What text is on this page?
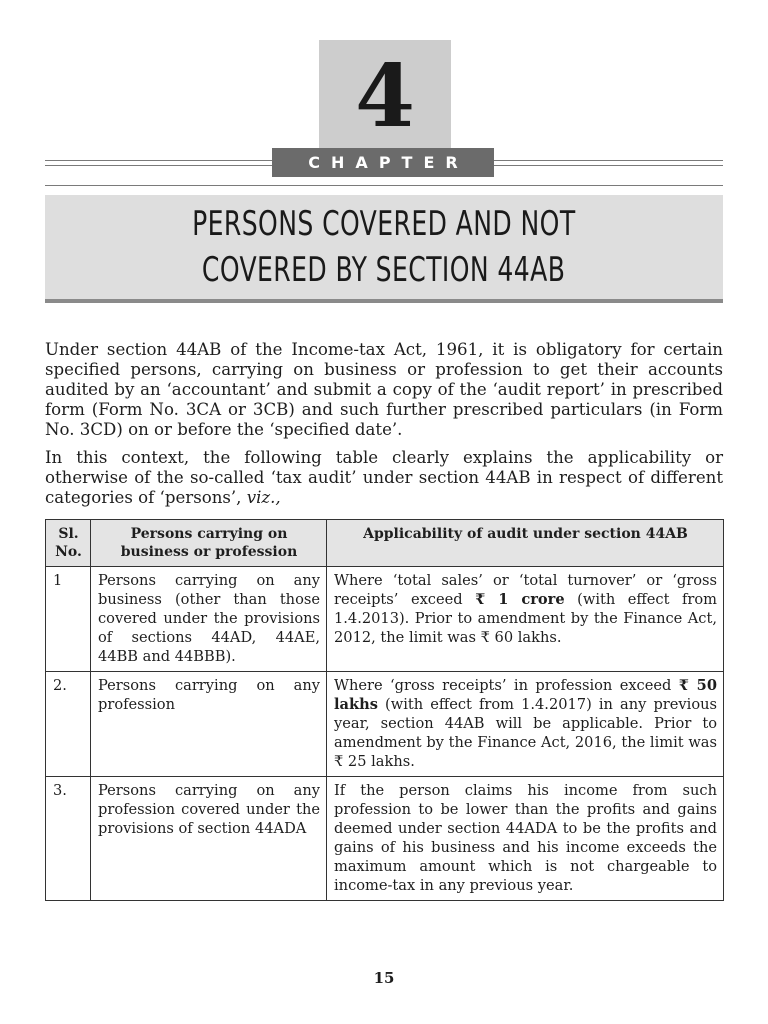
4
CHAPTER
PERSONS COVERED AND NOT
COVERED BY SECTION 44AB

Under section 44AB of the Income-tax Act, 1961, it is obligatory for certain specified persons, carrying on business or profession to get their accounts audited by an ‘accountant’ and submit a copy of the ‘audit report’ in prescribed form (Form No. 3CA or 3CB) and such further prescribed particulars (in Form No. 3CD) on or before the ‘specified date’.

In this context, the following table clearly explains the applicability or otherwise of the so-called ‘tax audit’ under section 44AB in respect of different categories of ‘persons’, viz.,

Sl. No.	Persons carrying on business or profession	Applicability of audit under section 44AB
1	Persons carrying on any business (other than those covered under the provisions of sections 44AD, 44AE, 44BB and 44BBB).	Where ‘total sales’ or ‘total turnover’ or ‘gross receipts’ exceed ₹ 1 crore (with effect from 1.4.2013). Prior to amendment by the Finance Act, 2012, the limit was ₹ 60 lakhs.
2.	Persons carrying on any profession	Where ‘gross receipts’ in profession exceed ₹ 50 lakhs (with effect from 1.4.2017) in any previous year, section 44AB will be applicable. Prior to amendment by the Finance Act, 2016, the limit was ₹ 25 lakhs.
3.	Persons carrying on any profession covered under the provisions of section 44ADA	If the person claims his income from such profession to be lower than the profits and gains deemed under section 44ADA to be the profits and gains of his business and his income exceeds the maximum amount which is not chargeable to income-tax in any previous year.
15
